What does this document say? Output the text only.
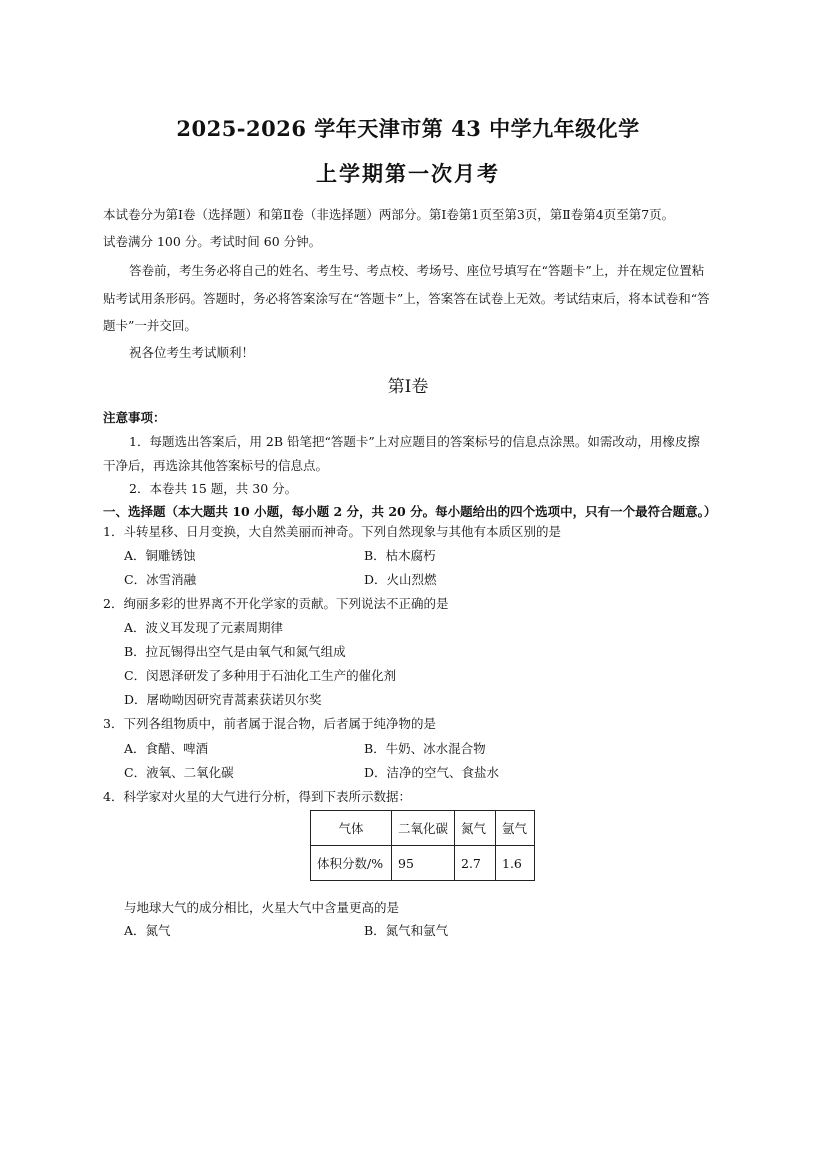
2025-2026 学年天津市第 43 中学九年级化学
上学期第一次月考
本试卷分为第Ⅰ卷（选择题）和第Ⅱ卷（非选择题）两部分。第Ⅰ卷第1页至第3页，第Ⅱ卷第4页至第7页。
试卷满分 100 分。考试时间 60 分钟。
答卷前，考生务必将自己的姓名、考生号、考点校、考场号、座位号填写在“答题卡”上，并在规定位置粘
贴考试用条形码。答题时，务必将答案涂写在“答题卡”上，答案答在试卷上无效。考试结束后，将本试卷和“答
题卡”一并交回。
祝各位考生考试顺利！
第Ⅰ卷
注意事项：
1．每题选出答案后，用 2B 铅笔把“答题卡”上对应题目的答案标号的信息点涂黑。如需改动，用橡皮擦
干净后，再选涂其他答案标号的信息点。
2．本卷共 15 题，共 30 分。
一、选择题（本大题共 10 小题，每小题 2 分，共 20 分。每小题给出的四个选项中，只有一个最符合题意。）
1．斗转星移、日月变换，大自然美丽而神奇。下列自然现象与其他有本质区别的是
A．铜雕锈蚀	B．枯木腐朽
C．冰雪消融	D．火山烈燃
2．绚丽多彩的世界离不开化学家的贡献。下列说法不正确的是
A．波义耳发现了元素周期律
B．拉瓦锡得出空气是由氧气和氮气组成
C．闵恩泽研发了多种用于石油化工生产的催化剂
D．屠呦呦因研究青蒿素获诺贝尔奖
3．下列各组物质中，前者属于混合物，后者属于纯净物的是
A．食醋、啤酒	B．牛奶、冰水混合物
C．液氧、二氧化碳	D．洁净的空气、食盐水
4．科学家对火星的大气进行分析，得到下表所示数据：
气体	二氧化碳	氮气	氩气
体积分数/%	95	2.7	1.6
与地球大气的成分相比，火星大气中含量更高的是
A．氮气	B．氮气和氩气
